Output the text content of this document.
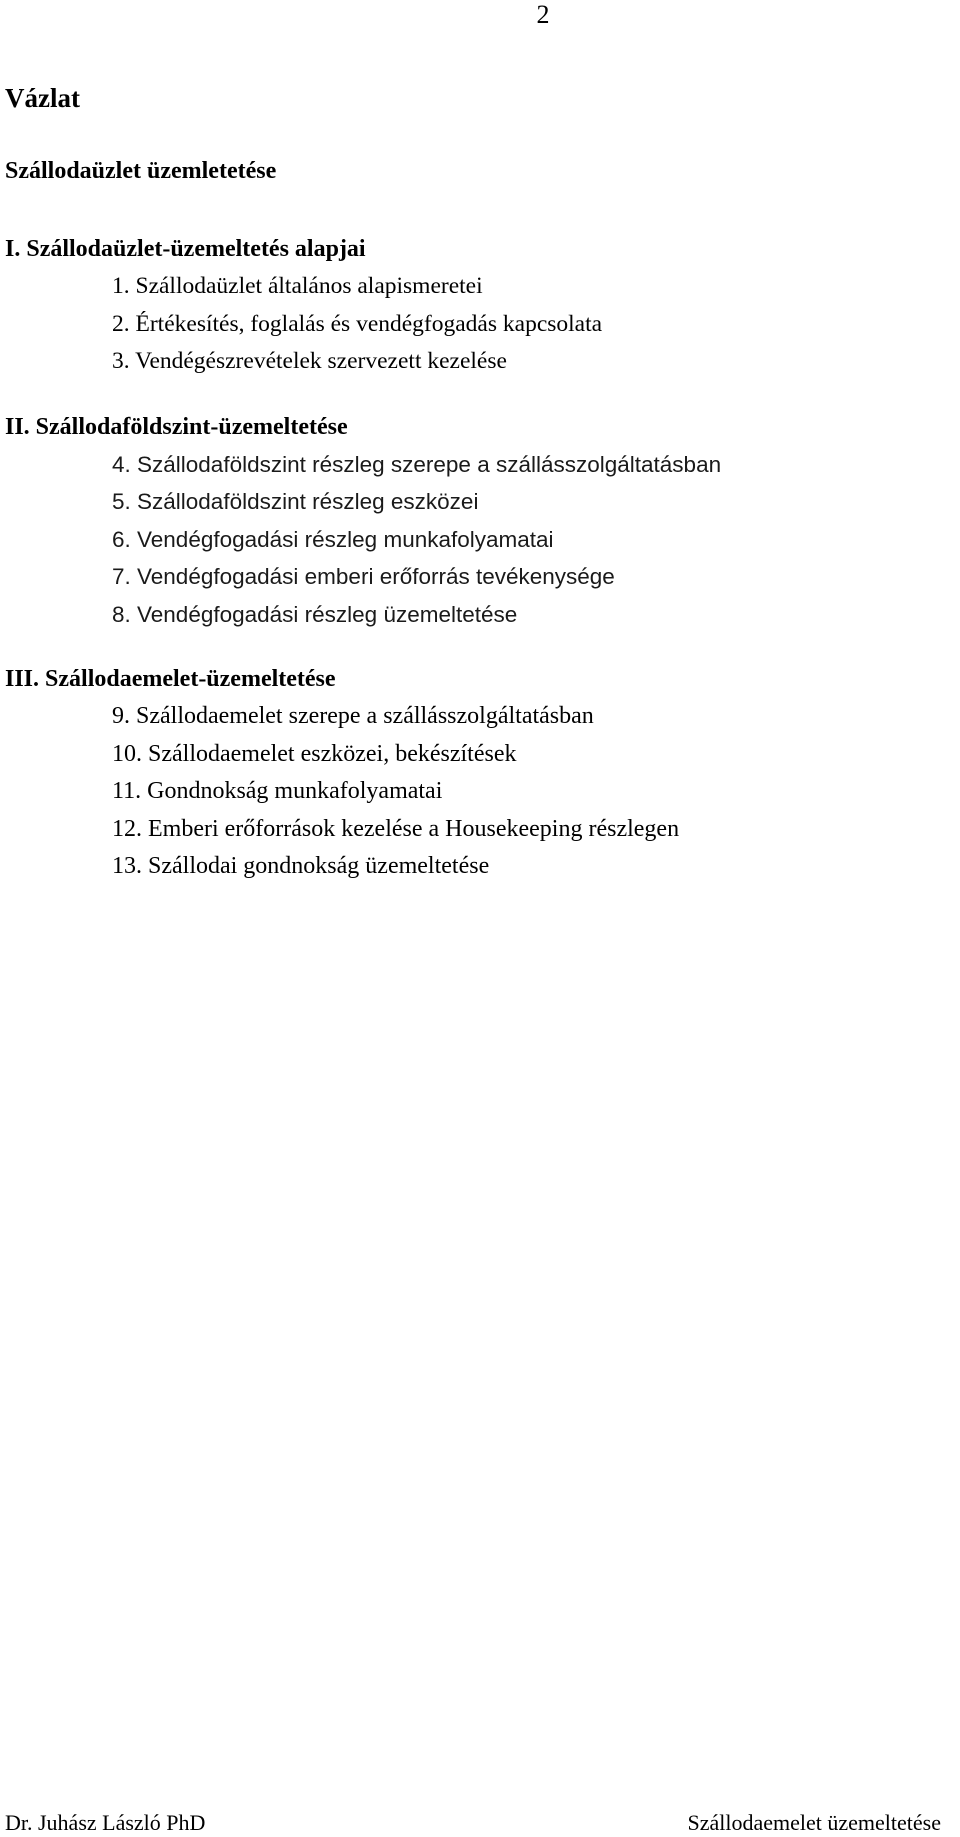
2
Vázlat
Szállodaüzlet üzemletetése
I. Szállodaüzlet-üzemeltetés alapjai
1. Szállodaüzlet általános alapismeretei
2. Értékesítés, foglalás és vendégfogadás kapcsolata
3. Vendégészrevételek szervezett kezelése
II. Szállodaföldszint-üzemeltetése
4. Szállodaföldszint részleg szerepe a szállásszolgáltatásban
5. Szállodaföldszint részleg eszközei
6. Vendégfogadási részleg munkafolyamatai
7. Vendégfogadási emberi erőforrás tevékenysége
8. Vendégfogadási részleg üzemeltetése
III. Szállodaemelet-üzemeltetése
9. Szállodaemelet szerepe a szállásszolgáltatásban
10. Szállodaemelet eszközei, bekészítések
11. Gondnokság munkafolyamatai
12. Emberi erőforrások kezelése a Housekeeping részlegen
13. Szállodai gondnokság üzemeltetése
Dr. Juhász László PhD	Szállodaemelet üzemeltetése
